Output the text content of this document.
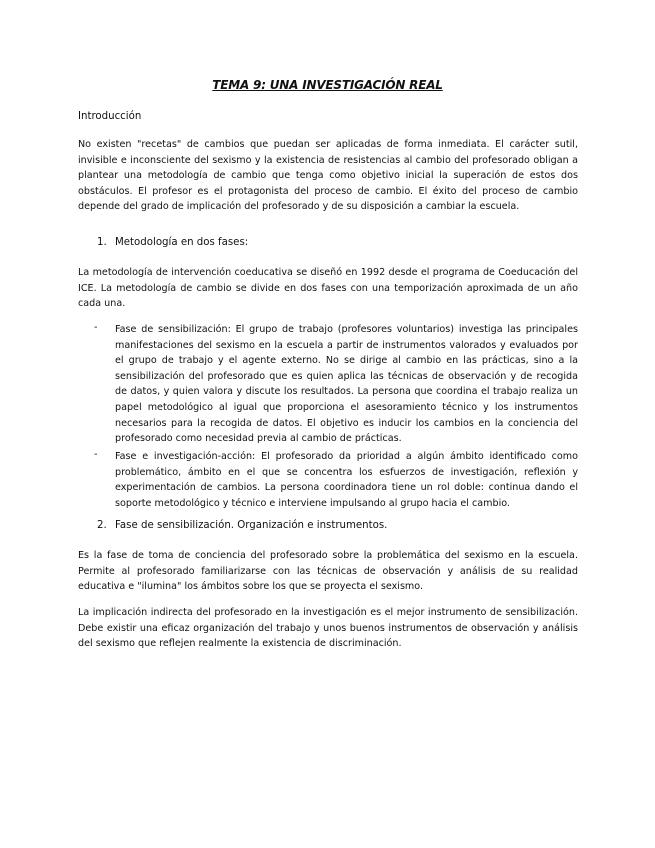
TEMA 9: UNA INVESTIGACIÓN REAL
Introducción

No existen "recetas" de cambios que puedan ser aplicadas de forma inmediata. El carácter sutil, invisible e inconsciente del sexismo y la existencia de resistencias al cambio del profesorado obligan a plantear una metodología de cambio que tenga como objetivo inicial la superación de estos dos obstáculos. El profesor es el protagonista del proceso de cambio. El éxito del proceso de cambio depende del grado de implicación del profesorado y de su disposición a cambiar la escuela.

1. Metodología en dos fases:

La metodología de intervención coeducativa se diseñó en 1992 desde el programa de Coeducación del ICE. La metodología de cambio se divide en dos fases con una temporización aproximada de un año cada una.

- Fase de sensibilización: El grupo de trabajo (profesores voluntarios) investiga las principales manifestaciones del sexismo en la escuela a partir de instrumentos valorados y evaluados por el grupo de trabajo y el agente externo. No se dirige al cambio en las prácticas, sino a la sensibilización del profesorado que es quien aplica las técnicas de observación y de recogida de datos, y quien valora y discute los resultados. La persona que coordina el trabajo realiza un papel metodológico al igual que proporciona el asesoramiento técnico y los instrumentos necesarios para la recogida de datos. El objetivo es inducir los cambios en la conciencia del profesorado como necesidad previa al cambio de prácticas.

- Fase e investigación-acción: El profesorado da prioridad a algún ámbito identificado como problemático, ámbito en el que se concentra los esfuerzos de investigación, reflexión y experimentación de cambios. La persona coordinadora tiene un rol doble: continua dando el soporte metodológico y técnico e interviene impulsando al grupo hacia el cambio.

2. Fase de sensibilización. Organización e instrumentos.

Es la fase de toma de conciencia del profesorado sobre la problemática del sexismo en la escuela. Permite al profesorado familiarizarse con las técnicas de observación y análisis de su realidad educativa e "ilumina" los ámbitos sobre los que se proyecta el sexismo.

La implicación indirecta del profesorado en la investigación es el mejor instrumento de sensibilización. Debe existir una eficaz organización del trabajo y unos buenos instrumentos de observación y análisis del sexismo que reflejen realmente la existencia de discriminación.
